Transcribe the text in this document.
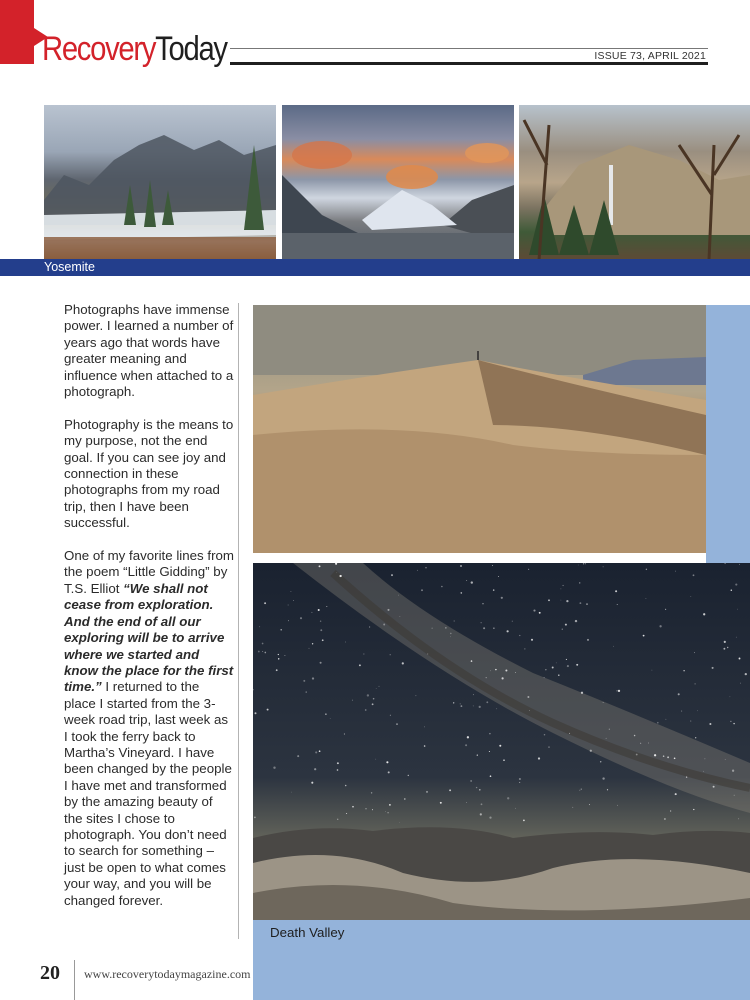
Recovery Today	ISSUE 73, APRIL 2021
Yosemite

Photographs have immense power. I learned a number of years ago that words have greater meaning and influence when attached to a photograph.

Photography is the means to my purpose, not the end goal. If you can see joy and connection in these photographs from my road trip, then I have been successful.

One of my favorite lines from the poem “Little Gidding” by T.S. Elliot “We shall not cease from exploration. And the end of all our exploring will be to arrive where we started and know the place for the first time.” I returned to the place I started from the 3-week road trip, last week as I took the ferry back to Martha’s Vineyard. I have been changed by the people I have met and transformed by the amazing beauty of the sites I chose to photograph. You don’t need to search for something – just be open to what comes your way, and you will be changed forever.

Death Valley
20 www.recoverytodaymagazine.com
